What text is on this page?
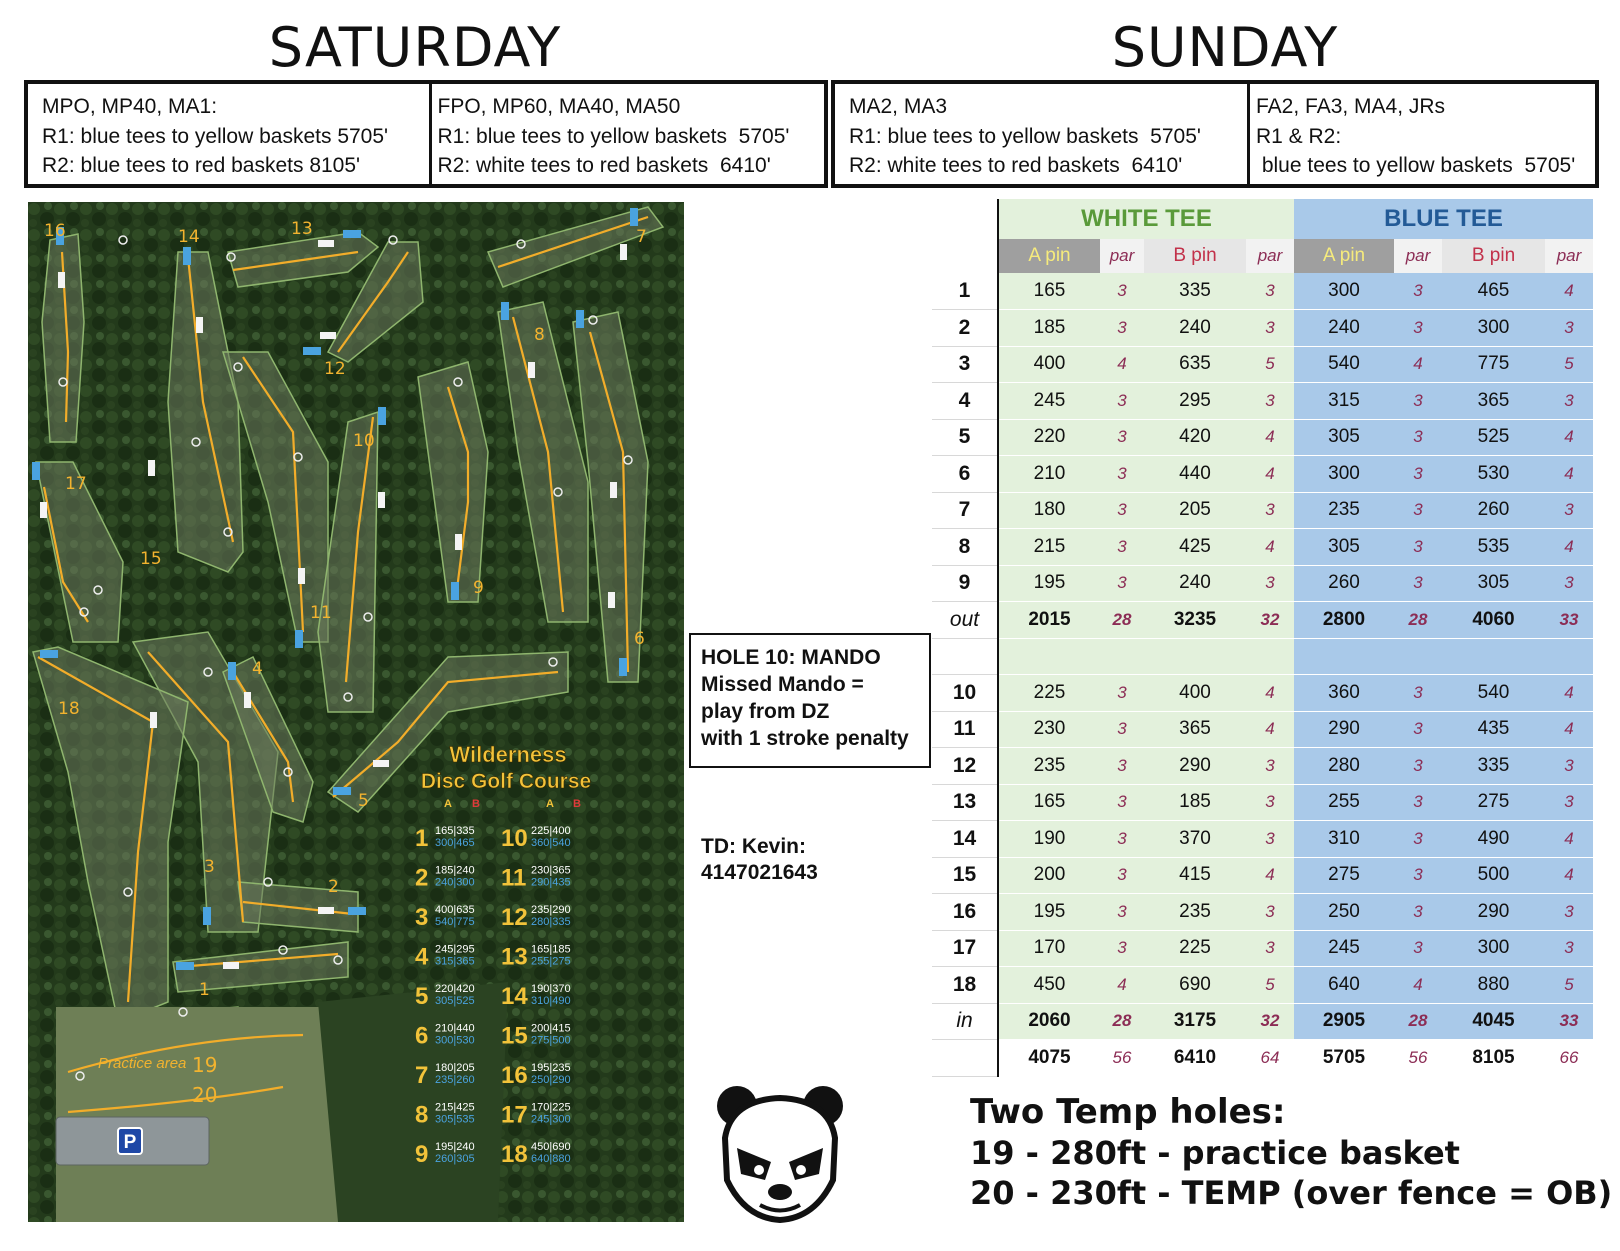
SATURDAY	SUNDAY
MPO, MP40, MA1:
R1: blue tees to yellow baskets 5705'
R2: blue tees to red baskets 8105'
FPO, MP60, MA40, MA50
R1: blue tees to yellow baskets  5705'
R2: white tees to red baskets  6410'
MA2, MA3
R1: blue tees to yellow baskets  5705'
R2: white tees to red baskets  6410'
FA2, FA3, MA4, JRs
R1 & R2:
blue tees to yellow baskets  5705'
16	14	13	7
8
12
10
17
15
11
9
6
4
18
5
3
2
1
Practice area 19
20
P
Wilderness
Disc Golf Course
A B	A B
1 165|335
300|465
2 185|240
240|300
3 400|635
540|775
4 245|295
315|365
5 220|420
305|525
6 210|440
300|530
7 180|205
235|260
8 215|425
305|535
9 195|240
260|305
10 225|400
360|540
11 230|365
290|435
12 235|290
280|335
13 165|185
255|275
14 190|370
310|490
15 200|415
275|500
16 195|235
250|290
17 170|225
245|300
18 450|690
640|880
HOLE 10: MANDO
Missed Mando =
play from DZ
with 1 stroke penalty
TD: Kevin:
4147021643
	WHITE TEE				BLUE TEE			
	A pin	par	B pin	par	A pin	par	B pin	par
1	165	3	335	3	300	3	465	4
2	185	3	240	3	240	3	300	3
3	400	4	635	5	540	4	775	5
4	245	3	295	3	315	3	365	3
5	220	3	420	4	305	3	525	4
6	210	3	440	4	300	3	530	4
7	180	3	205	3	235	3	260	3
8	215	3	425	4	305	3	535	4
9	195	3	240	3	260	3	305	3
out	2015	28	3235	32	2800	28	4060	33

10	225	3	400	4	360	3	540	4
11	230	3	365	4	290	3	435	4
12	235	3	290	3	280	3	335	3
13	165	3	185	3	255	3	275	3
14	190	3	370	3	310	3	490	4
15	200	3	415	4	275	3	500	4
16	195	3	235	3	250	3	290	3
17	170	3	225	3	245	3	300	3
18	450	4	690	5	640	4	880	5
in	2060	28	3175	32	2905	28	4045	33
	4075	56	6410	64	5705	56	8105	66
Two Temp holes:
19 - 280ft - practice basket
20 - 230ft - TEMP (over fence = OB)
